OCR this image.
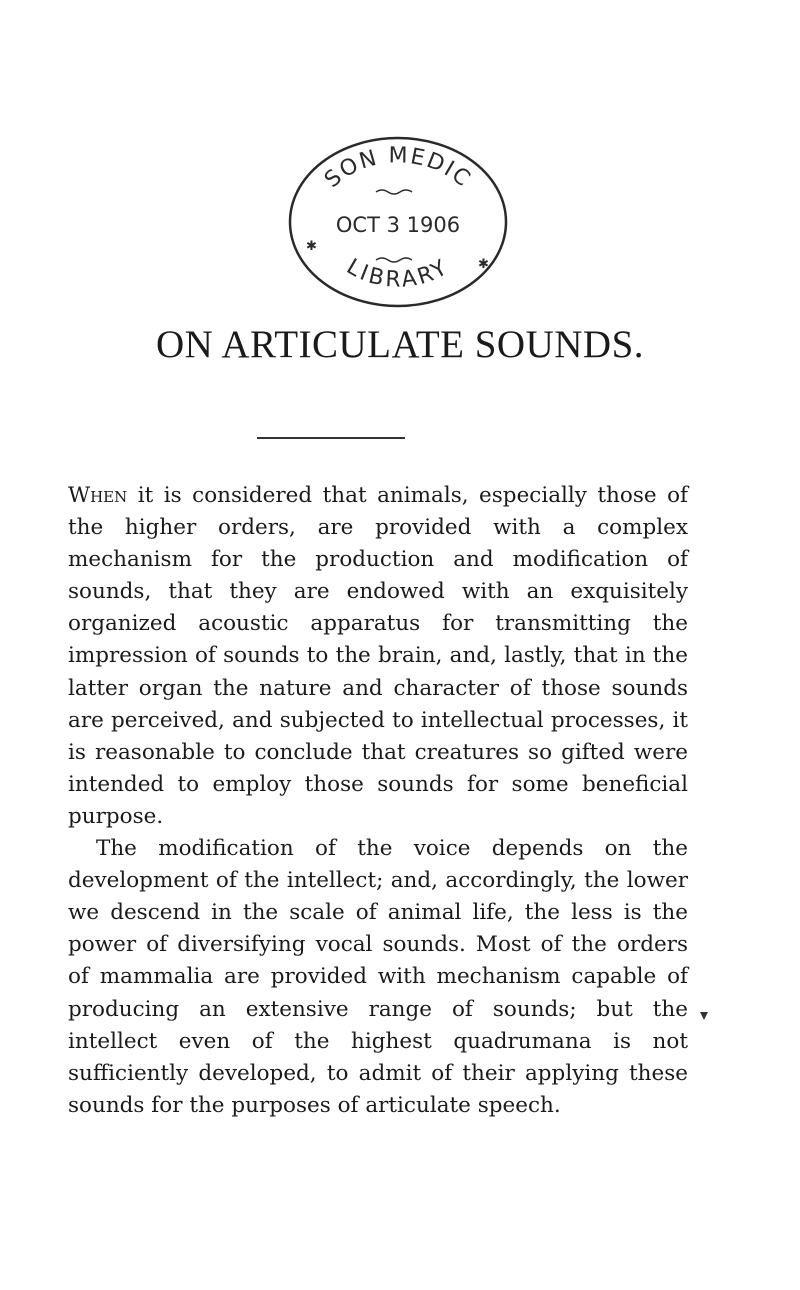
SON MEDIC
LIBRARY
OCT 3 1906
✱
✱
ON ARTICULATE SOUNDS.

When it is considered that animals, especially those of the higher orders, are provided with a complex mechanism for the production and modification of sounds, that they are endowed with an exquisitely organized acoustic apparatus for transmitting the impression of sounds to the brain, and, lastly, that in the latter organ the nature and character of those sounds are perceived, and subjected to intellectual processes, it is reasonable to conclude that creatures so gifted were intended to employ those sounds for some beneficial purpose.

The modification of the voice depends on the development of the intellect; and, accordingly, the lower we descend in the scale of animal life, the less is the power of diversifying vocal sounds. Most of the orders of mammalia are provided with mechanism capable of producing an extensive range of sounds; but the intellect even of the highest quadrumana is not sufficiently developed, to admit of their applying these sounds for the purposes of articulate speech.
